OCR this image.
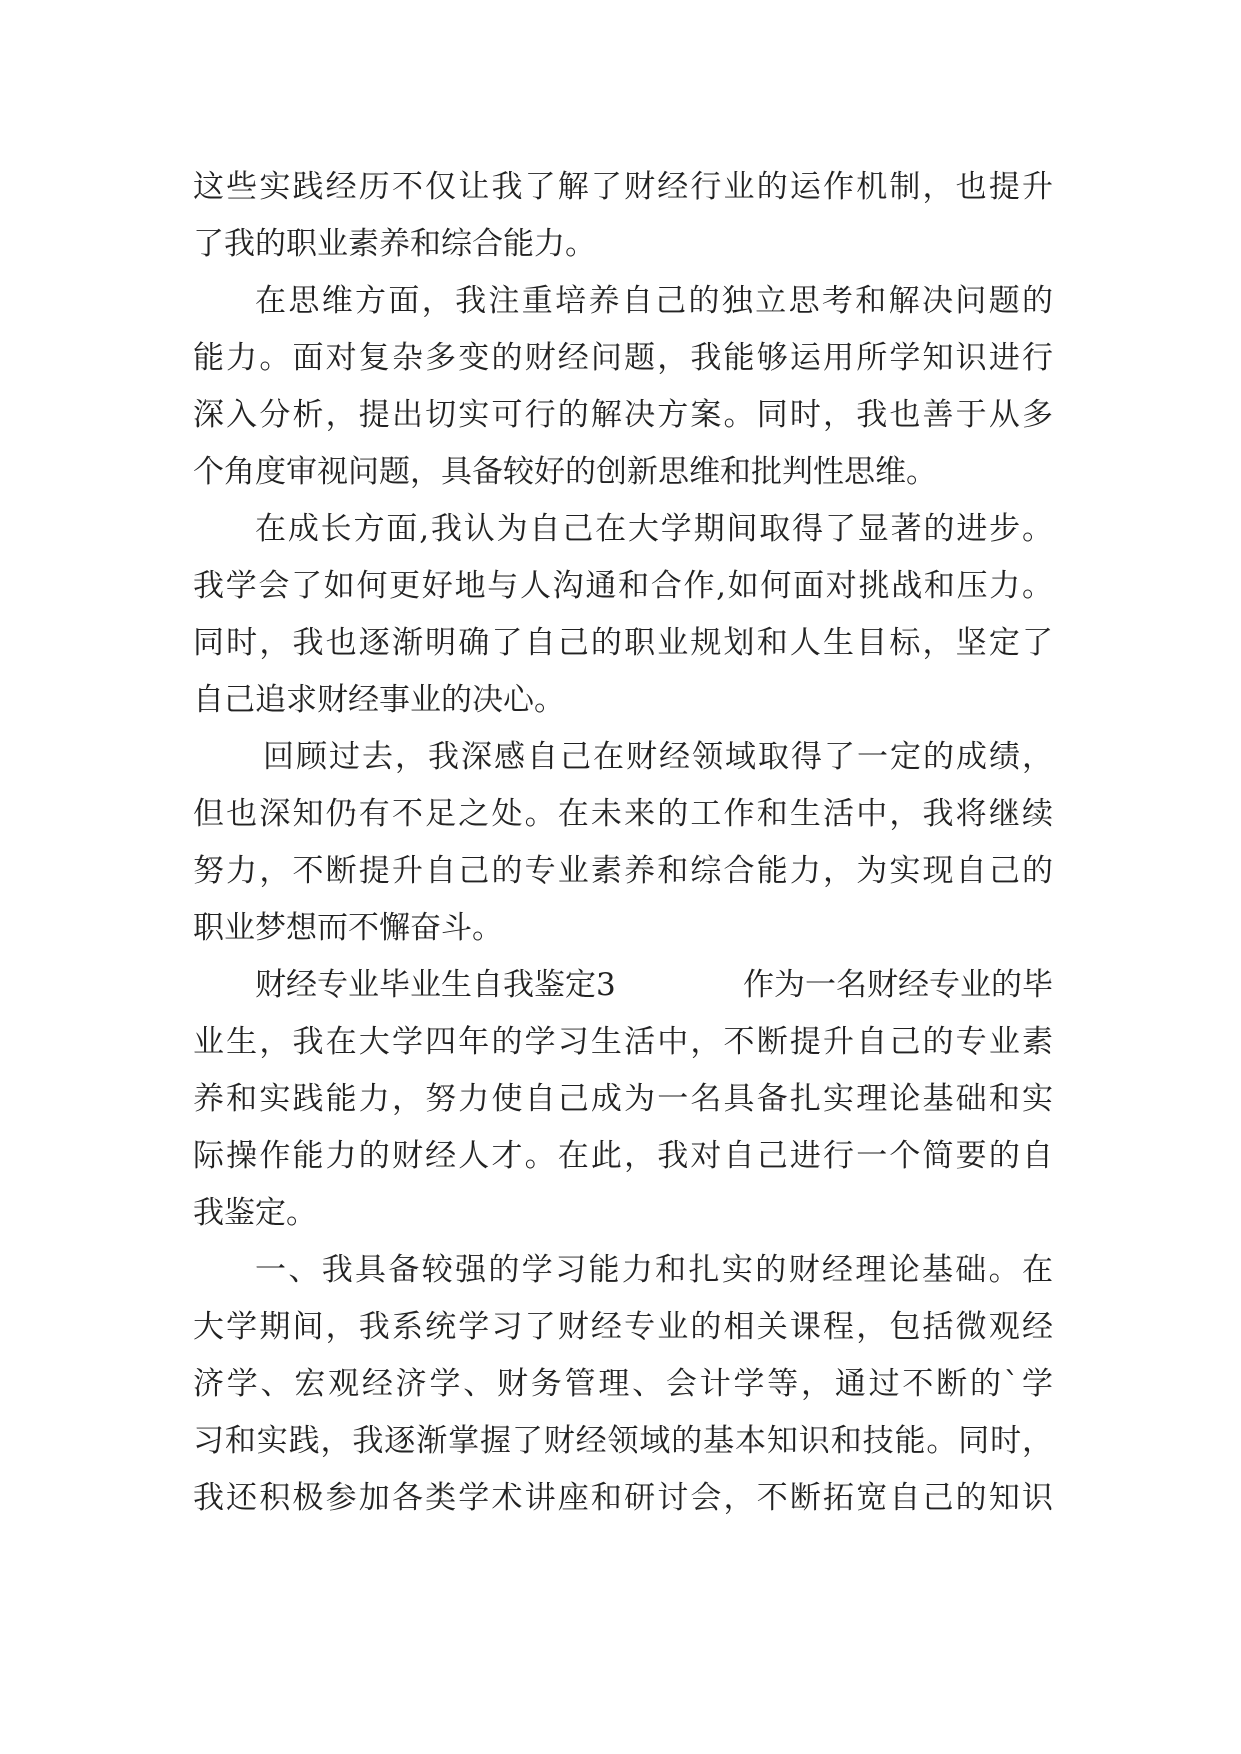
这些实践经历不仅让我了解了财经行业的运作机制，也提升
了我的职业素养和综合能力。
在思维方面，我注重培养自己的独立思考和解决问题的
能力。面对复杂多变的财经问题，我能够运用所学知识进行
深入分析，提出切实可行的解决方案。同时，我也善于从多
个角度审视问题，具备较好的创新思维和批判性思维。
在成长方面,我认为自己在大学期间取得了显著的进步。
我学会了如何更好地与人沟通和合作,如何面对挑战和压力。
同时，我也逐渐明确了自己的职业规划和人生目标，坚定了
自己追求财经事业的决心。
回顾过去，我深感自己在财经领域取得了一定的成绩，
但也深知仍有不足之处。在未来的工作和生活中，我将继续
努力，不断提升自己的专业素养和综合能力，为实现自己的
职业梦想而不懈奋斗。
财经专业毕业生自我鉴定3	作为一名财经专业的毕
业生，我在大学四年的学习生活中，不断提升自己的专业素
养和实践能力，努力使自己成为一名具备扎实理论基础和实
际操作能力的财经人才。在此，我对自己进行一个简要的自
我鉴定。
一、我具备较强的学习能力和扎实的财经理论基础。在
大学期间，我系统学习了财经专业的相关课程，包括微观经
济学、宏观经济学、财务管理、会计学等，通过不断的`学
习和实践，我逐渐掌握了财经领域的基本知识和技能。同时，
我还积极参加各类学术讲座和研讨会，不断拓宽自己的知识
